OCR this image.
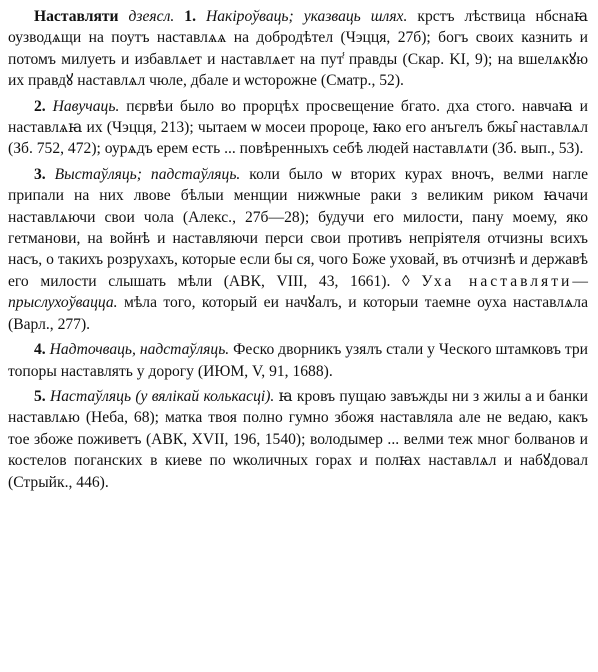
Наставляти дзеясл. 1. Накіроўваць; указваць шлях. крстъ лѣствица нбснаꙗ оузводѧщи на поутъ наставлѧѧ на добродѣтел (Чэцця, 27б); богъ своих казнить и потомъ милуеть и избавлѧет и наставлѧет на пут̾ правды (Скар. KI, 9); на вшелѧкꙋю их правдꙋ наставлѧл чюле, дбале и ѡсторожне (Сматр., 52).

2. Навучаць. пєрвѣи было во прорцѣх просвещение бгато. дха стого. навчаꙗ и наставлѧꙗ их (Чэцця, 213); чытаем ѡ мосеи пророце, ꙗко его анъгелъ бжы̑ наставлѧл (Зб. 752, 472); оурѧдъ ерем есть ... повѣренныхъ себѣ людей наставлѧти (Зб. вып., 53).

3. Выстаўляць; падстаўляць. коли было ѡ вторих курах вночъ, велми нагле припали на них лвове бѣлыи менщии нижѡные раки з великим риком ꙗчачи наставлѧючи свои чола (Алекс., 27б—28); будучи его милости, пану моему, яко гетманови, на войнѣ и наставляючи перси свои противъ непріятеля отчизны всихъ насъ, о такихъ розрухахъ, которые если бы ся, чого Боже уховай, въ отчизнѣ и державѣ его милости слышать мѣли (АВК, VIII, 43, 1661). ◊ Уха наставляти— прыслухоўвацца. мѣла того, который еи начꙋалъ, и которыи таемне оуха наставлѧла (Варл., 277).

4. Надточваць, надстаўляць. Феско дворникъ узялъ стали у Ческого штамковъ три топоры наставлять у дорогу (ИЮМ, V, 91, 1688).

5. Настаўляць (у вялікай колькасці). ꙗ кровъ пущаю завъжды ни з жилы а и банки наставлѧю (Неба, 68); матка твоя полно гумно збожя наставляла але не ведаю, какъ тое збоже поживетъ (АВК, XVII, 196, 1540); володымер ... велми теж мног болванов и костелов поганских в киеве по ѡколичных горах и полꙗх наставлѧл и набꙋдовал (Стрыйк., 446).
